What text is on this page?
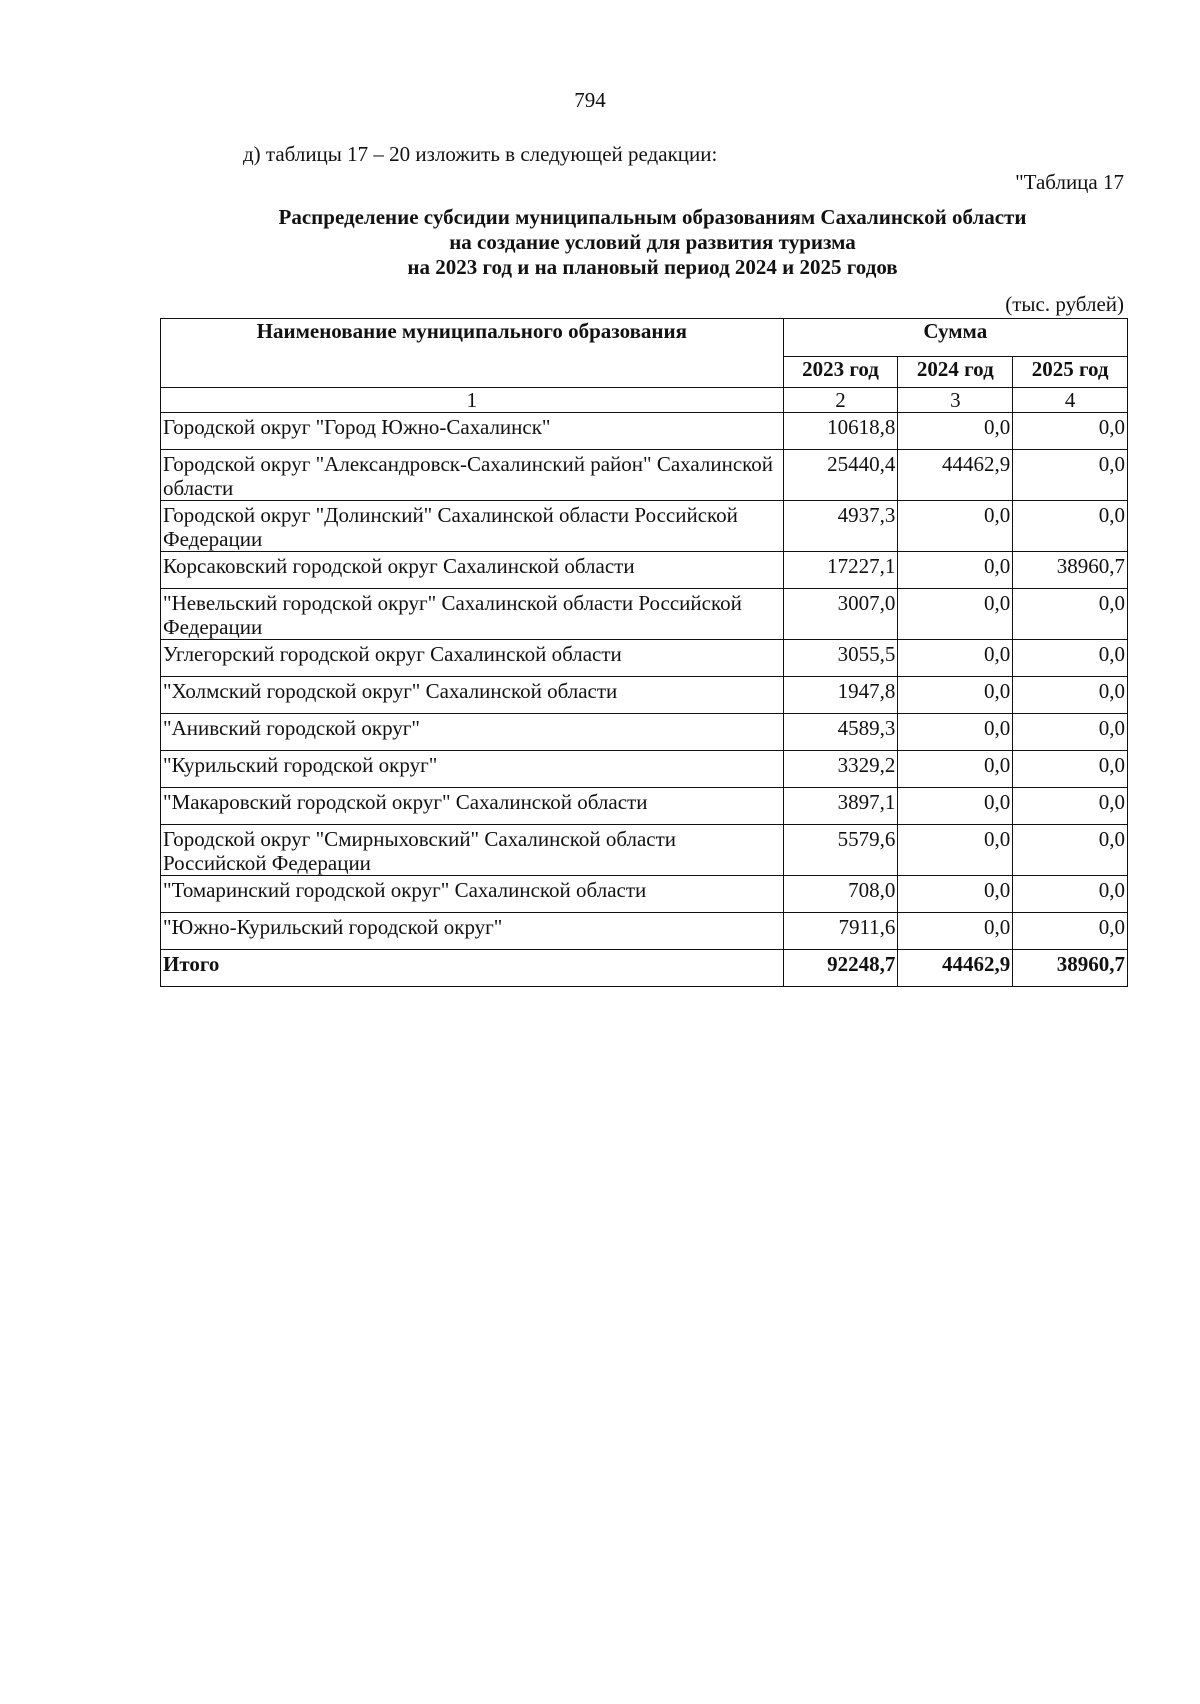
794
д) таблицы 17 – 20 изложить в следующей редакции:
"Таблица 17
Распределение субсидии муниципальным образованиям Сахалинской области
на создание условий для развития туризма
на 2023 год и на плановый период 2024 и 2025 годов
(тыс. рублей)
Наименование муниципального образования	Сумма		
	2023 год	2024 год	2025 год
1	2	3	4
Городской округ "Город Южно-Сахалинск"	10618,8	0,0	0,0
Городской округ "Александровск-Сахалинский район" Сахалинской области	25440,4	44462,9	0,0
Городской округ "Долинский" Сахалинской области Российской Федерации	4937,3	0,0	0,0
Корсаковский городской округ Сахалинской области	17227,1	0,0	38960,7
"Невельский городской округ" Сахалинской области Российской Федерации	3007,0	0,0	0,0
Углегорский городской округ Сахалинской области	3055,5	0,0	0,0
"Холмский городской округ" Сахалинской области	1947,8	0,0	0,0
"Анивский городской округ"	4589,3	0,0	0,0
"Курильский городской округ"	3329,2	0,0	0,0
"Макаровский городской округ" Сахалинской области	3897,1	0,0	0,0
Городской округ "Смирныховский" Сахалинской области Российской Федерации	5579,6	0,0	0,0
"Томаринский городской округ" Сахалинской области	708,0	0,0	0,0
"Южно-Курильский городской округ"	7911,6	0,0	0,0
Итого	92248,7	44462,9	38960,7
